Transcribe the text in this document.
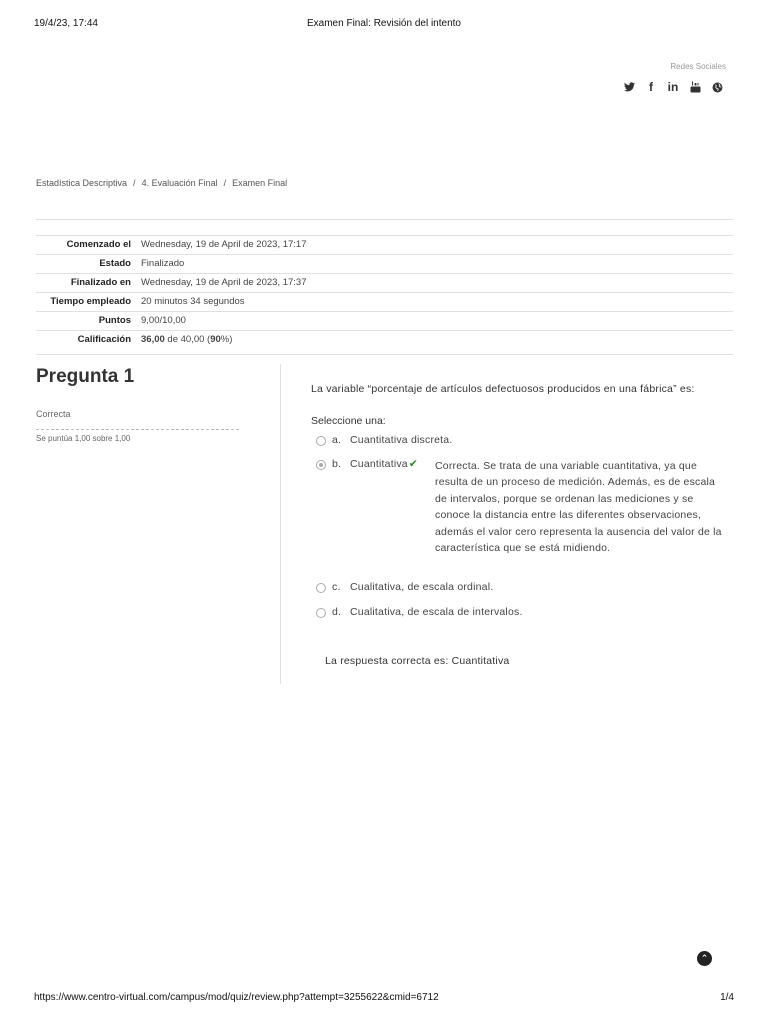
19/4/23, 17:44	Examen Final: Revisión del intento
Redes Sociales
f	in
Estadística Descriptiva / 4. Evaluación Final / Examen Final
Comenzado el	Wednesday, 19 de April de 2023, 17:17
Estado	Finalizado
Finalizado en	Wednesday, 19 de April de 2023, 17:37
Tiempo empleado	20 minutos 34 segundos
Puntos	9,00/10,00
Calificación	36,00 de 40,00 (90%)
Pregunta 1
Correcta
Se puntúa 1,00 sobre 1,00
La variable “porcentaje de artículos defectuosos producidos en una fábrica” es:
Seleccione una:
a. Cuantitativa discreta.
b. Cuantitativa ✔ Correcta. Se trata de una variable cuantitativa, ya que resulta de un proceso de medición. Además, es de escala de intervalos, porque se ordenan las mediciones y se conoce la distancia entre las diferentes observaciones, además el valor cero representa la ausencia del valor de la característica que se está midiendo.
c. Cualitativa, de escala ordinal.
d. Cualitativa, de escala de intervalos.
La respuesta correcta es: Cuantitativa
⌃
https://www.centro-virtual.com/campus/mod/quiz/review.php?attempt=3255622&cmid=6712	1/4
